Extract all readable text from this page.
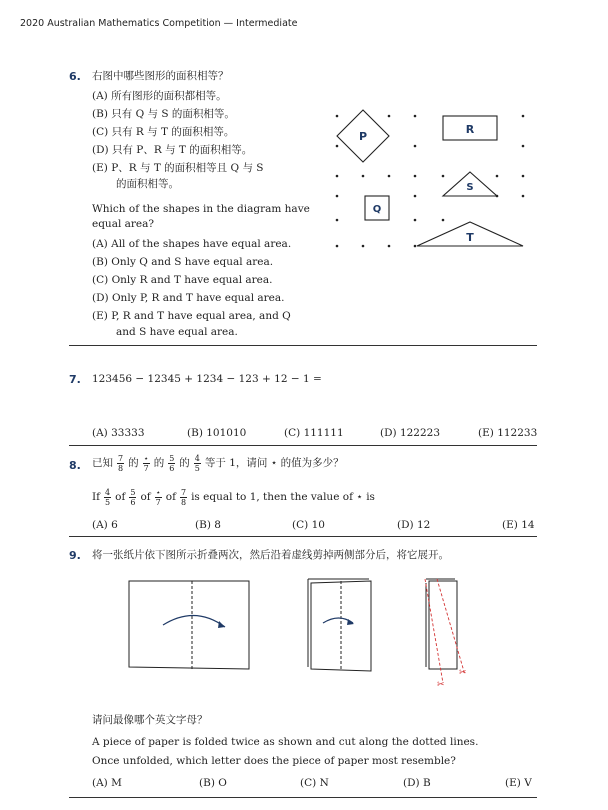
2020 Australian Mathematics Competition — Intermediate
6. 右图中哪些图形的面积相等？
(A) 所有图形的面积都相等。
(B) 只有 Q 与 S 的面积相等。
(C) 只有 R 与 T 的面积相等。
(D) 只有 P、R 与 T 的面积相等。
(E) P、R 与 T 的面积相等且 Q 与 S
的面积相等。
Which of the shapes in the diagram have
equal area?
(A) All of the shapes have equal area.
(B) Only Q and S have equal area.
(C) Only R and T have equal area.
(D) Only P, R and T have equal area.
(E) P, R and T have equal area, and Q
and S have equal area.
P
R
S
Q
T
7. 123456 − 12345 + 1234 − 123 + 12 − 1 =
(A) 33333	(B) 101010	(C) 111111	(D) 122223	(E) 112233
8. 已知 $\frac{7}{8}$ 的 $\frac{⋆}{7}$ 的 $\frac{5}{6}$ 的 $\frac{4}{5}$ 等于 1，请问 ⋆ 的值为多少？
If $\frac{4}{5}$ of $\frac{5}{6}$ of $\frac{⋆}{7}$ of $\frac{7}{8}$ is equal to 1, then the value of ⋆ is
(A) 6	(B) 8	(C) 10	(D) 12	(E) 14
9. 将一张纸片依下图所示折叠两次，然后沿着虚线剪掉两侧部分后，将它展开。
✂
✂
请问最像哪个英文字母？
A piece of paper is folded twice as shown and cut along the dotted lines.
Once unfolded, which letter does the piece of paper most resemble?
(A) M	(B) O	(C) N	(D) B	(E) V
